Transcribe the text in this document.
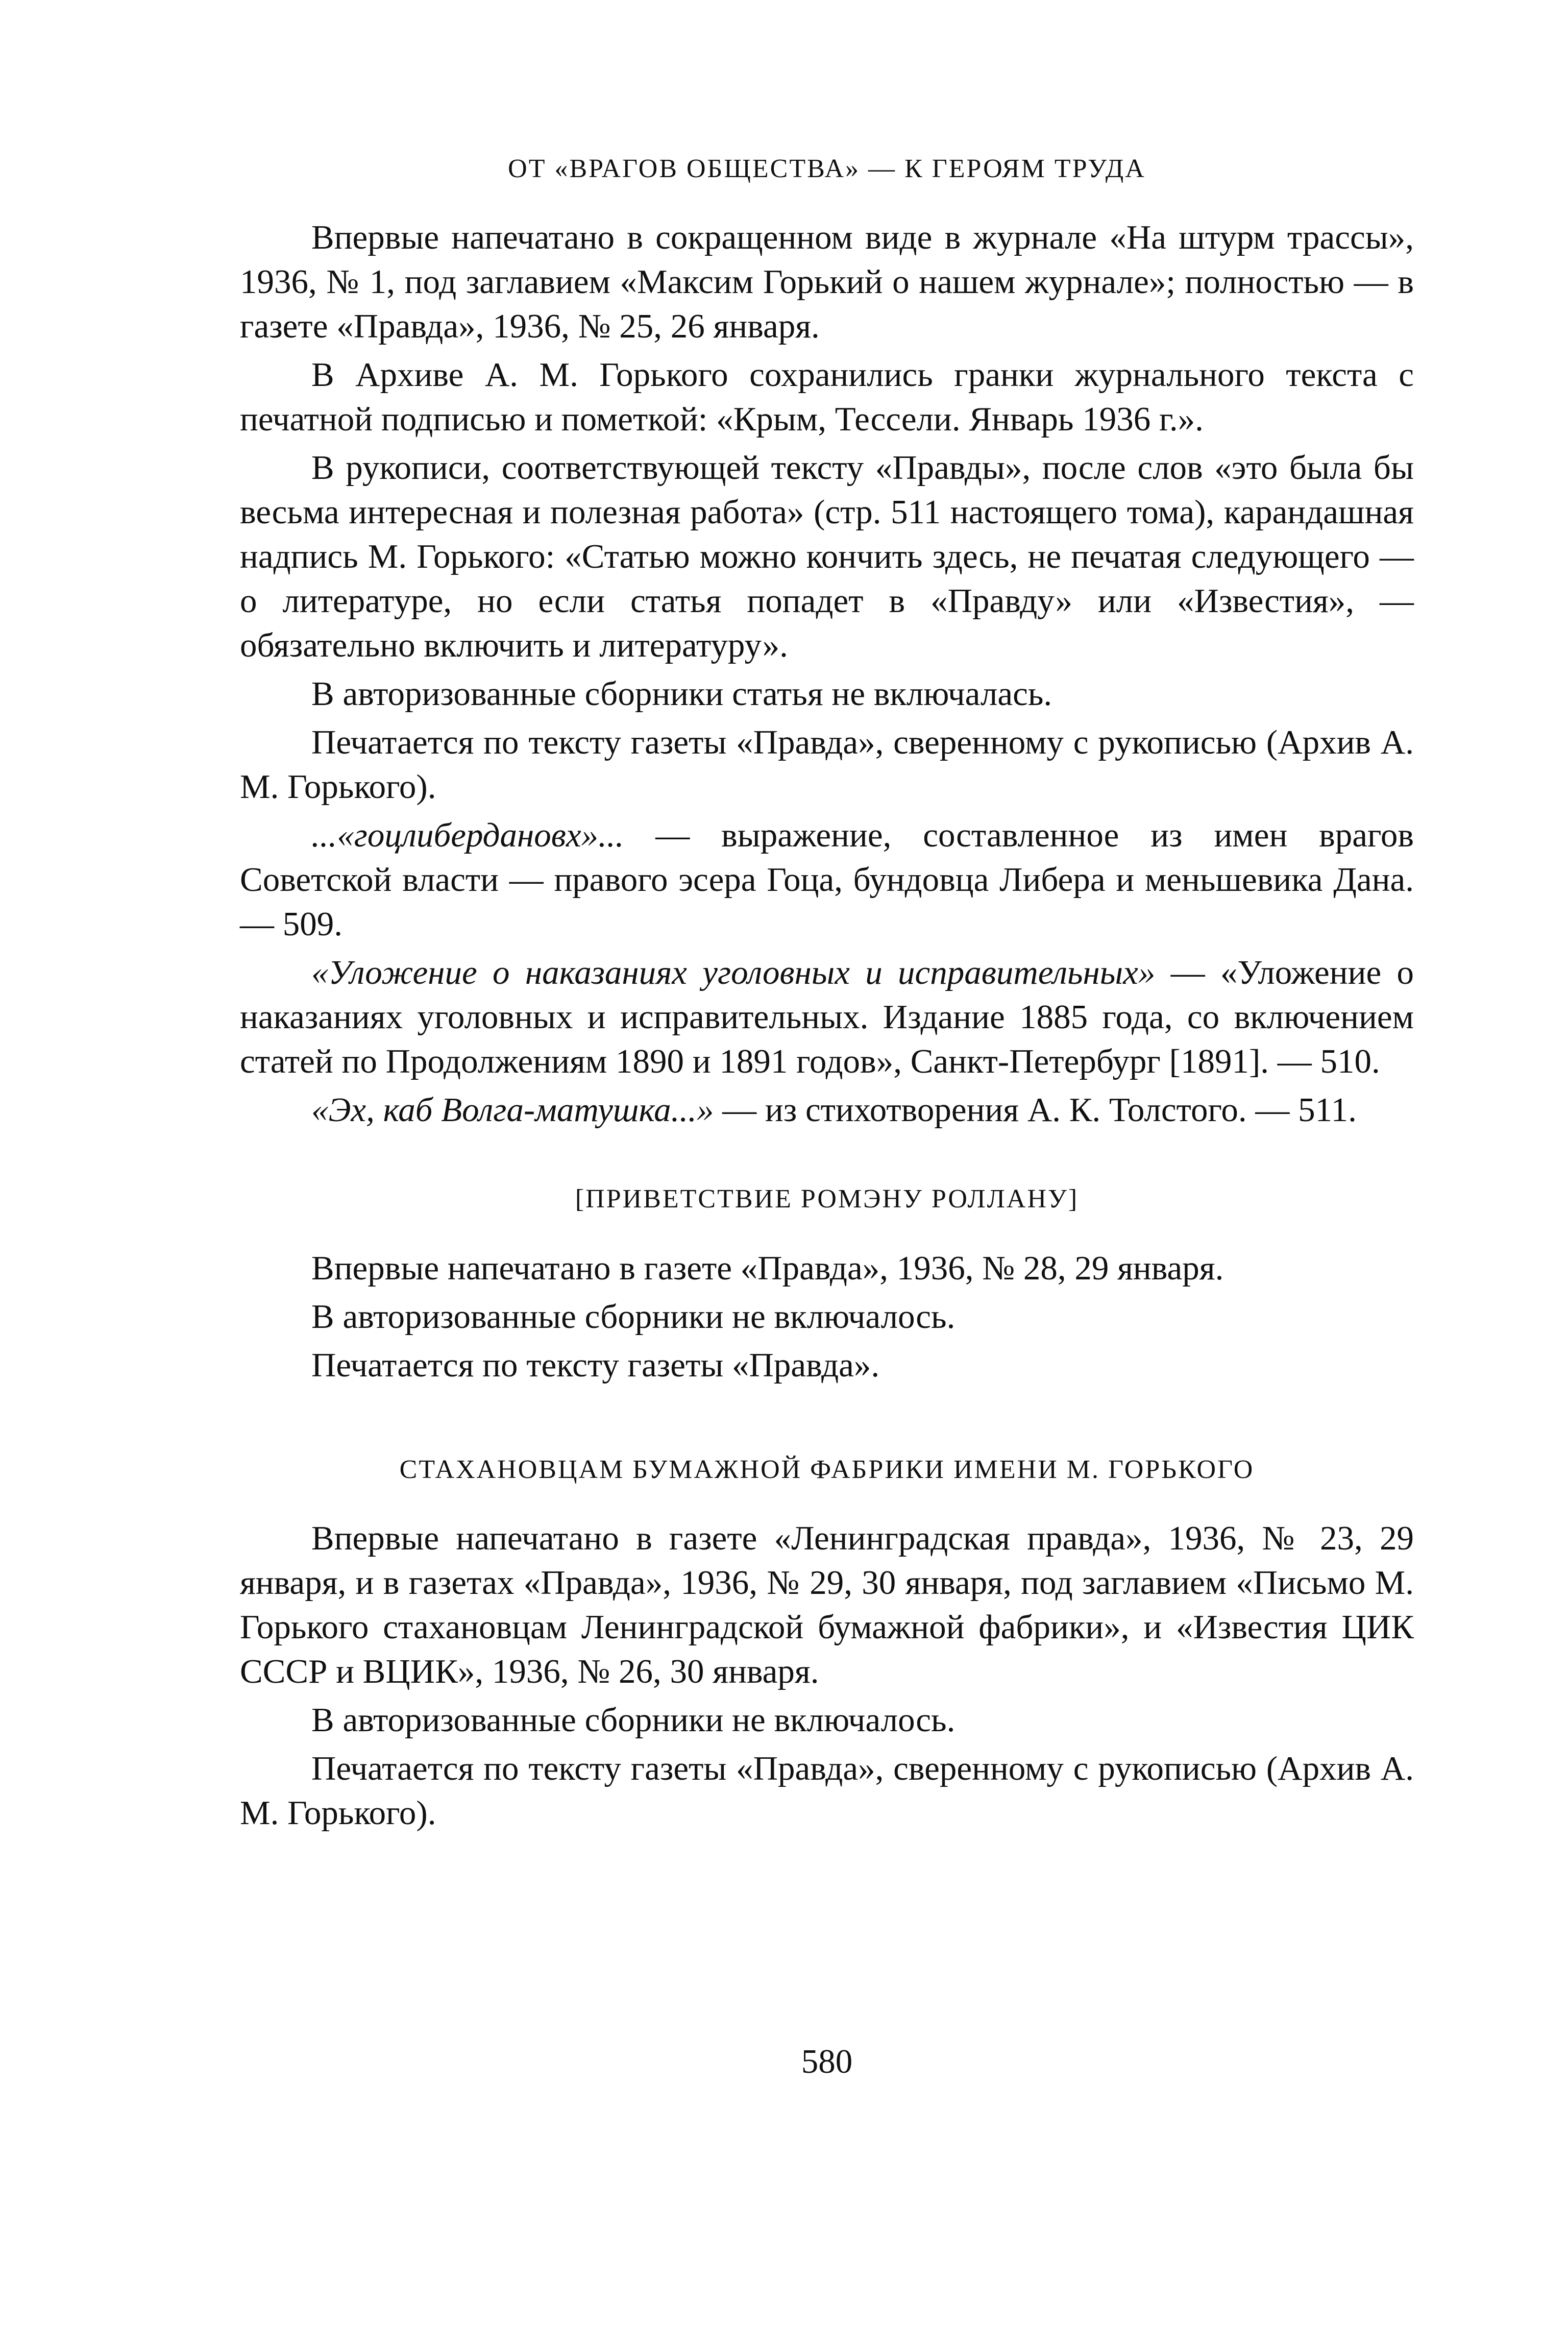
ОТ «ВРАГОВ ОБЩЕСТВА» — К ГЕРОЯМ ТРУДА

Впервые напечатано в сокращенном виде в журнале «На штурм трассы», 1936, № 1, под заглавием «Максим Горький о нашем журнале»; полностью — в газете «Правда», 1936, № 25, 26 января.

В Архиве А. М. Горького сохранились гранки журнального текста с печатной подписью и пометкой: «Крым, Тессели. Январь 1936 г.».

В рукописи, соответствующей тексту «Правды», после слов «это была бы весьма интересная и полезная работа» (стр. 511 настоящего тома), карандашная надпись М. Горького: «Статью можно кончить здесь, не печатая следующего — о литературе, но если статья попадет в «Правду» или «Известия», — обязательно включить и литературу».

В авторизованные сборники статья не включалась.

Печатается по тексту газеты «Правда», сверенному с рукописью (Архив А. М. Горького).

...«гоцлибердановх»... — выражение, составленное из имен врагов Советской власти — правого эсера Гоца, бундовца Либера и меньшевика Дана. — 509.

«Уложение о наказаниях уголовных и исправительных» — «Уложение о наказаниях уголовных и исправительных. Издание 1885 года, со включением статей по Продолжениям 1890 и 1891 годов», Санкт-Петербург [1891]. — 510.

«Эх, каб Волга-матушка...» — из стихотворения А. К. Толстого. — 511.

[ПРИВЕТСТВИЕ РОМЭНУ РОЛЛАНУ]

Впервые напечатано в газете «Правда», 1936, № 28, 29 января.

В авторизованные сборники не включалось.

Печатается по тексту газеты «Правда».

СТАХАНОВЦАМ БУМАЖНОЙ ФАБРИКИ ИМЕНИ М. ГОРЬКОГО

Впервые напечатано в газете «Ленинградская правда», 1936, № 23, 29 января, и в газетах «Правда», 1936, № 29, 30 января, под заглавием «Письмо М. Горького стахановцам Ленинградской бумажной фабрики», и «Известия ЦИК СССР и ВЦИК», 1936, № 26, 30 января.

В авторизованные сборники не включалось.

Печатается по тексту газеты «Правда», сверенному с рукописью (Архив А. М. Горького).

580
